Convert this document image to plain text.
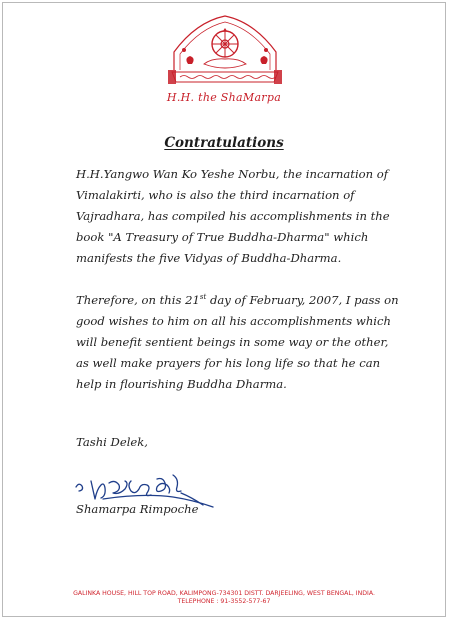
H.H. the ShaMarpa
Contratulations

H.H.Yangwo Wan Ko Yeshe Norbu, the incarnation of Vimalakirti, who is also the third incarnation of Vajradhara, has compiled his accomplishments in the book "A Treasury of True Buddha-Dharma" which manifests the five Vidyas of Buddha-Dharma.

Therefore, on this 21st day of February, 2007, I pass on good wishes to him on all his accomplishments which will benefit sentient beings in some way or the other, as well make prayers for his long life so that he can help in flourishing Buddha Dharma.

Tashi Delek,
Shamarpa Rimpoche
GALINKA HOUSE, HILL TOP ROAD, KALIMPONG-734301 DISTT. DARJEELING, WEST BENGAL, INDIA.
TELEPHONE : 91-3552-577-67
